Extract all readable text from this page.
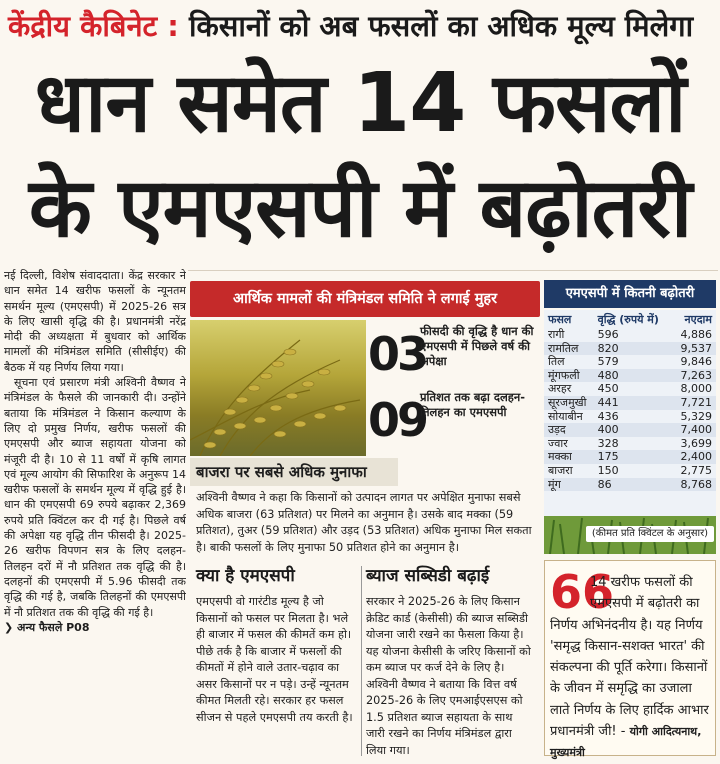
केंद्रीय कैबिनेट : किसानों को अब फसलों का अधिक मूल्य मिलेगा
धान समेत 14 फसलों
के एमएसपी में बढ़ोतरी

नई दिल्ली, विशेष संवाददाता। केंद्र सरकार ने धान समेत 14 खरीफ फसलों के न्यूनतम समर्थन मूल्य (एमएसपी) में 2025-26 सत्र के लिए खासी वृद्धि की है। प्रधानमंत्री नरेंद्र मोदी की अध्यक्षता में बुधवार को आर्थिक मामलों की मंत्रिमंडल समिति (सीसीईए) की बैठक में यह निर्णय लिया गया।

सूचना एवं प्रसारण मंत्री अश्विनी वैष्णव ने मंत्रिमंडल के फैसले की जानकारी दी। उन्होंने बताया कि मंत्रिमंडल ने किसान कल्याण के लिए दो प्रमुख निर्णय, खरीफ फसलों की एमएसपी और ब्याज सहायता योजना को मंजूरी दी है। 10 से 11 वर्षों में कृषि लागत एवं मूल्य आयोग की सिफारिश के अनुरूप 14 खरीफ फसलों के समर्थन मूल्य में वृद्धि हुई है। धान की एमएसपी 69 रुपये बढ़ाकर 2,369 रुपये प्रति क्विंटल कर दी गई है। पिछले वर्ष की अपेक्षा यह वृद्धि तीन फीसदी है। 2025-26 खरीफ विपणन सत्र के लिए दलहन-तिलहन दरों में नौ प्रतिशत तक वृद्धि की है। दलहनों की एमएसपी में 5.96 फीसदी तक वृद्धि की गई है, जबकि तिलहनों की एमएसपी में नौ प्रतिशत तक की वृद्धि की गई है।

❯ अन्य फैसले P08

आर्थिक मामलों की मंत्रिमंडल समिति ने लगाई मुहर
03
फीसदी की वृद्धि है धान की एमएसपी में पिछले वर्ष की अपेक्षा
09
प्रतिशत तक बढ़ा दलहन-तिलहन का एमएसपी
बाजरा पर सबसे अधिक मुनाफा
अश्विनी वैष्णव ने कहा कि किसानों को उत्पादन लागत पर अपेक्षित मुनाफा सबसे अधिक बाजरा (63 प्रतिशत) पर मिलने का अनुमान है। उसके बाद मक्का (59 प्रतिशत), तुअर (59 प्रतिशत) और उड़द (53 प्रतिशत) अधिक मुनाफा मिल सकता है। बाकी फसलों के लिए मुनाफा 50 प्रतिशत होने का अनुमान है।
एमएसपी में कितनी बढ़ोतरी
फसल	वृद्धि (रुपये में)	नएदाम
रागी	596	4,886
रामतिल	820	9,537
तिल	579	9,846
मूंगफली	480	7,263
अरहर	450	8,000
सूरजमुखी	441	7,721
सोयाबीन	436	5,329
उड़द	400	7,400
ज्वार	328	3,699
मक्का	175	2,400
बाजरा	150	2,775
मूंग	86	8,768
(कीमत प्रति क्विंटल के अनुसार)
क्या है एमएसपी
एमएसपी वो गारंटीड मूल्य है जो किसानों को फसल पर मिलता है। भले ही बाजार में फसल की कीमतें कम हो। पीछे तर्क है कि बाजार में फसलों की कीमतों में होने वाले उतार-चढ़ाव का असर किसानों पर न पड़े। उन्हें न्यूनतम कीमत मिलती रहे। सरकार हर फसल सीजन से पहले एमएसपी तय करती है।
ब्याज सब्सिडी बढ़ाई
सरकार ने 2025-26 के लिए किसान क्रेडिट कार्ड (केसीसी) की ब्याज सब्सिडी योजना जारी रखने का फैसला किया है। यह योजना केसीसी के जरिए किसानों को कम ब्याज पर कर्ज देने के लिए है। अश्विनी वैष्णव ने बताया कि वित्त वर्ष 2025-26 के लिए एमआईएसएस को 1.5 प्रतिशत ब्याज सहायता के साथ जारी रखने का निर्णय मंत्रिमंडल द्वारा लिया गया।
66
14 खरीफ फसलों की एमएसपी में बढ़ोतरी का
निर्णय अभिनंदनीय है। यह निर्णय 'समृद्ध किसान-सशक्त भारत' की संकल्पना की पूर्ति करेगा। किसानों के जीवन में समृद्धि का उजाला लाते निर्णय के लिए हार्दिक आभार प्रधानमंत्री जी! - योगी आदित्यनाथ, मुख्यमंत्री
